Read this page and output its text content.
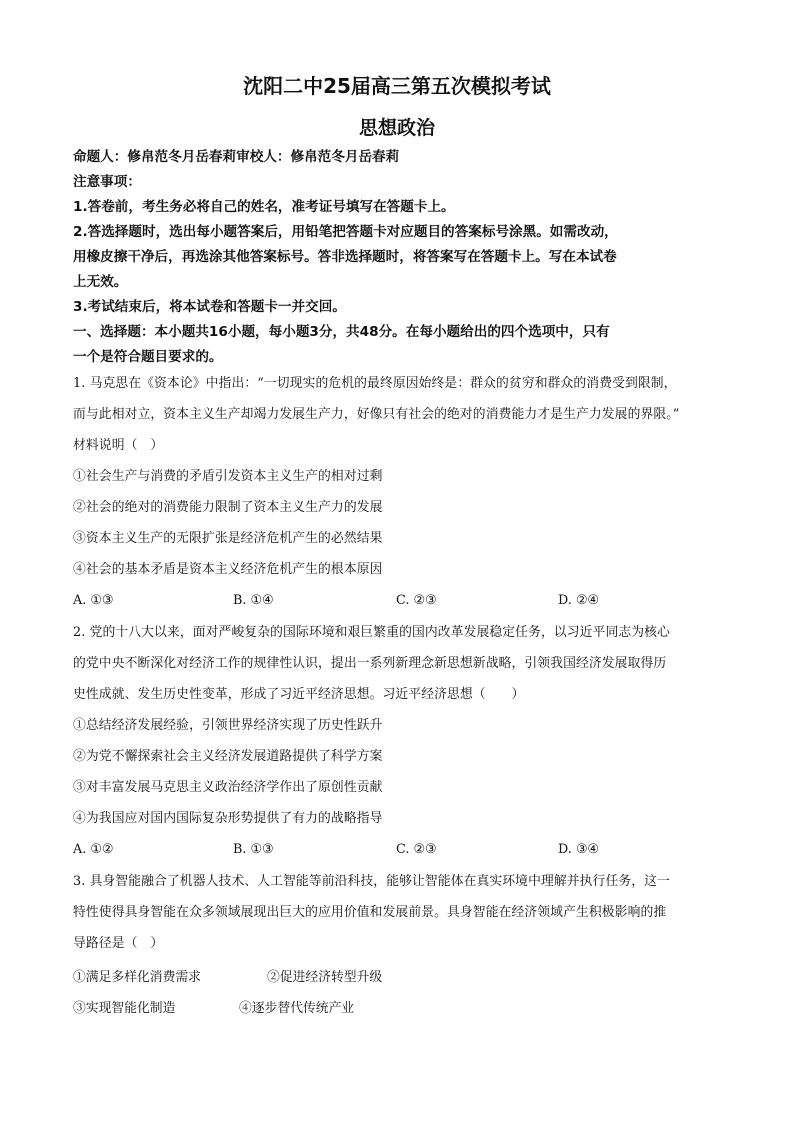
沈阳二中25届高三第五次模拟考试
思想政治
命题人：修帛范冬月岳春莉审校人：修帛范冬月岳春莉
注意事项：
1.答卷前，考生务必将自己的姓名，准考证号填写在答题卡上。
2.答选择题时，选出每小题答案后，用铅笔把答题卡对应题目的答案标号涂黑。如需改动，
用橡皮擦干净后，再选涂其他答案标号。答非选择题时，将答案写在答题卡上。写在本试卷
上无效。
3.考试结束后，将本试卷和答题卡一并交回。
一、选择题：本小题共16小题，每小题3分，共48分。在每小题给出的四个选项中，只有
一个是符合题目要求的。
1. 马克思在《资本论》中指出：“一切现实的危机的最终原因始终是：群众的贫穷和群众的消费受到限制，
而与此相对立，资本主义生产却竭力发展生产力，好像只有社会的绝对的消费能力才是生产力发展的界限。”
材料说明（　）
①社会生产与消费的矛盾引发资本主义生产的相对过剩
②社会的绝对的消费能力限制了资本主义生产力的发展
③资本主义生产的无限扩张是经济危机产生的必然结果
④社会的基本矛盾是资本主义经济危机产生的根本原因
A. ①③	B. ①④	C. ②③	D. ②④
2. 党的十八大以来，面对严峻复杂的国际环境和艰巨繁重的国内改革发展稳定任务，以习近平同志为核心
的党中央不断深化对经济工作的规律性认识，提出一系列新理念新思想新战略，引领我国经济发展取得历
史性成就、发生历史性变革，形成了习近平经济思想。习近平经济思想（　　）
①总结经济发展经验，引领世界经济实现了历史性跃升
②为党不懈探索社会主义经济发展道路提供了科学方案
③对丰富发展马克思主义政治经济学作出了原创性贡献
④为我国应对国内国际复杂形势提供了有力的战略指导
A. ①②	B. ①③	C. ②③	D. ③④
3. 具身智能融合了机器人技术、人工智能等前沿科技，能够让智能体在真实环境中理解并执行任务，这一
特性使得具身智能在众多领域展现出巨大的应用价值和发展前景。具身智能在经济领域产生积极影响的推
导路径是（　）
①满足多样化消费需求	②促进经济转型升级
③实现智能化制造	④逐步替代传统产业
